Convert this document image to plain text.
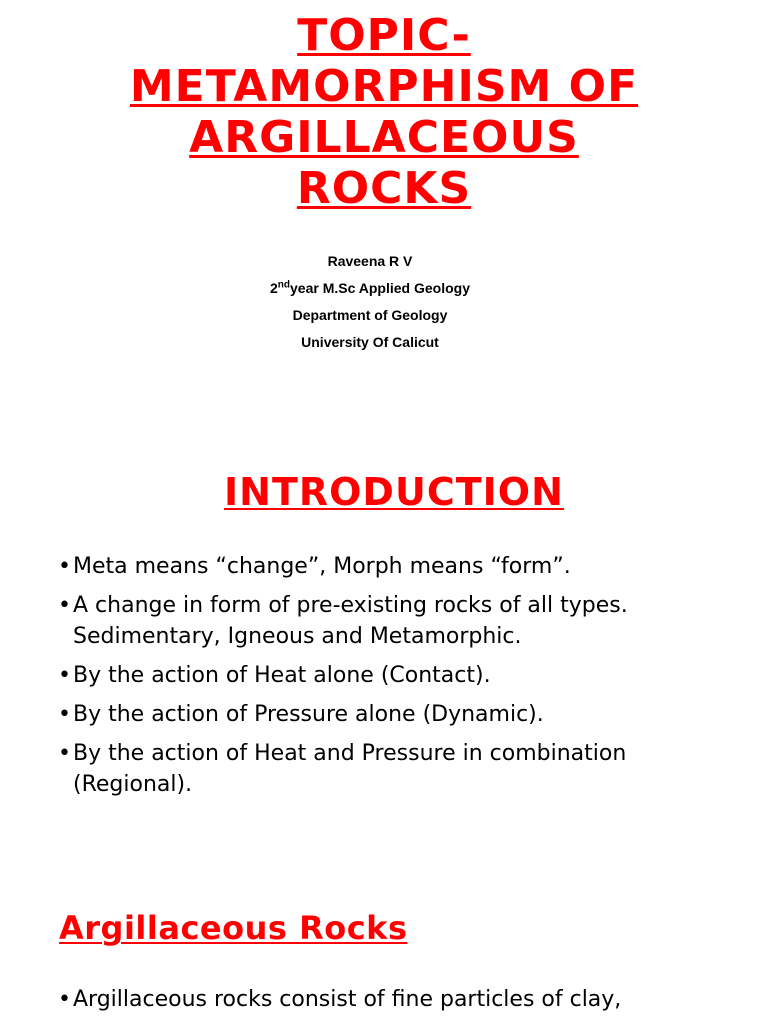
TOPIC-
METAMORPHISM OF
ARGILLACEOUS
ROCKS
Raveena R V
2ndyear M.Sc Applied Geology
Department of Geology
University Of Calicut
INTRODUCTION
• Meta means “change”, Morph means “form”.
• A change in form of pre-existing rocks of all types. Sedimentary, Igneous and Metamorphic.
• By the action of Heat alone (Contact).
• By the action of Pressure alone (Dynamic).
• By the action of Heat and Pressure in combination (Regional).
Argillaceous Rocks
• Argillaceous rocks consist of fine particles of clay,
